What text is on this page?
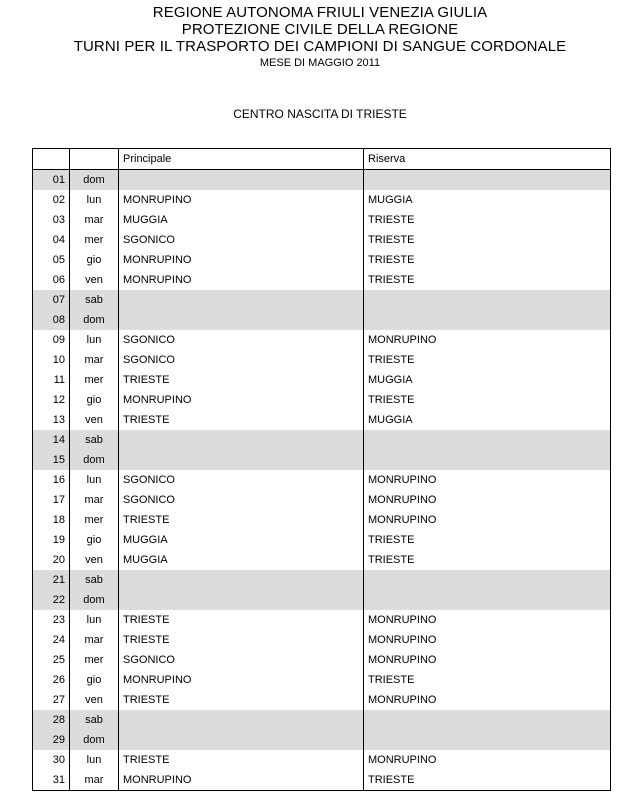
REGIONE AUTONOMA FRIULI VENEZIA GIULIA
PROTEZIONE CIVILE DELLA REGIONE
TURNI PER IL TRASPORTO DEI CAMPIONI DI SANGUE CORDONALE
MESE DI MAGGIO 2011
CENTRO NASCITA DI TRIESTE
		Principale	Riserva
01	dom		
02	lun	MONRUPINO	MUGGIA
03	mar	MUGGIA	TRIESTE
04	mer	SGONICO	TRIESTE
05	gio	MONRUPINO	TRIESTE
06	ven	MONRUPINO	TRIESTE
07	sab		
08	dom		
09	lun	SGONICO	MONRUPINO
10	mar	SGONICO	TRIESTE
11	mer	TRIESTE	MUGGIA
12	gio	MONRUPINO	TRIESTE
13	ven	TRIESTE	MUGGIA
14	sab		
15	dom		
16	lun	SGONICO	MONRUPINO
17	mar	SGONICO	MONRUPINO
18	mer	TRIESTE	MONRUPINO
19	gio	MUGGIA	TRIESTE
20	ven	MUGGIA	TRIESTE
21	sab		
22	dom		
23	lun	TRIESTE	MONRUPINO
24	mar	TRIESTE	MONRUPINO
25	mer	SGONICO	MONRUPINO
26	gio	MONRUPINO	TRIESTE
27	ven	TRIESTE	MONRUPINO
28	sab		
29	dom		
30	lun	TRIESTE	MONRUPINO
31	mar	MONRUPINO	TRIESTE
